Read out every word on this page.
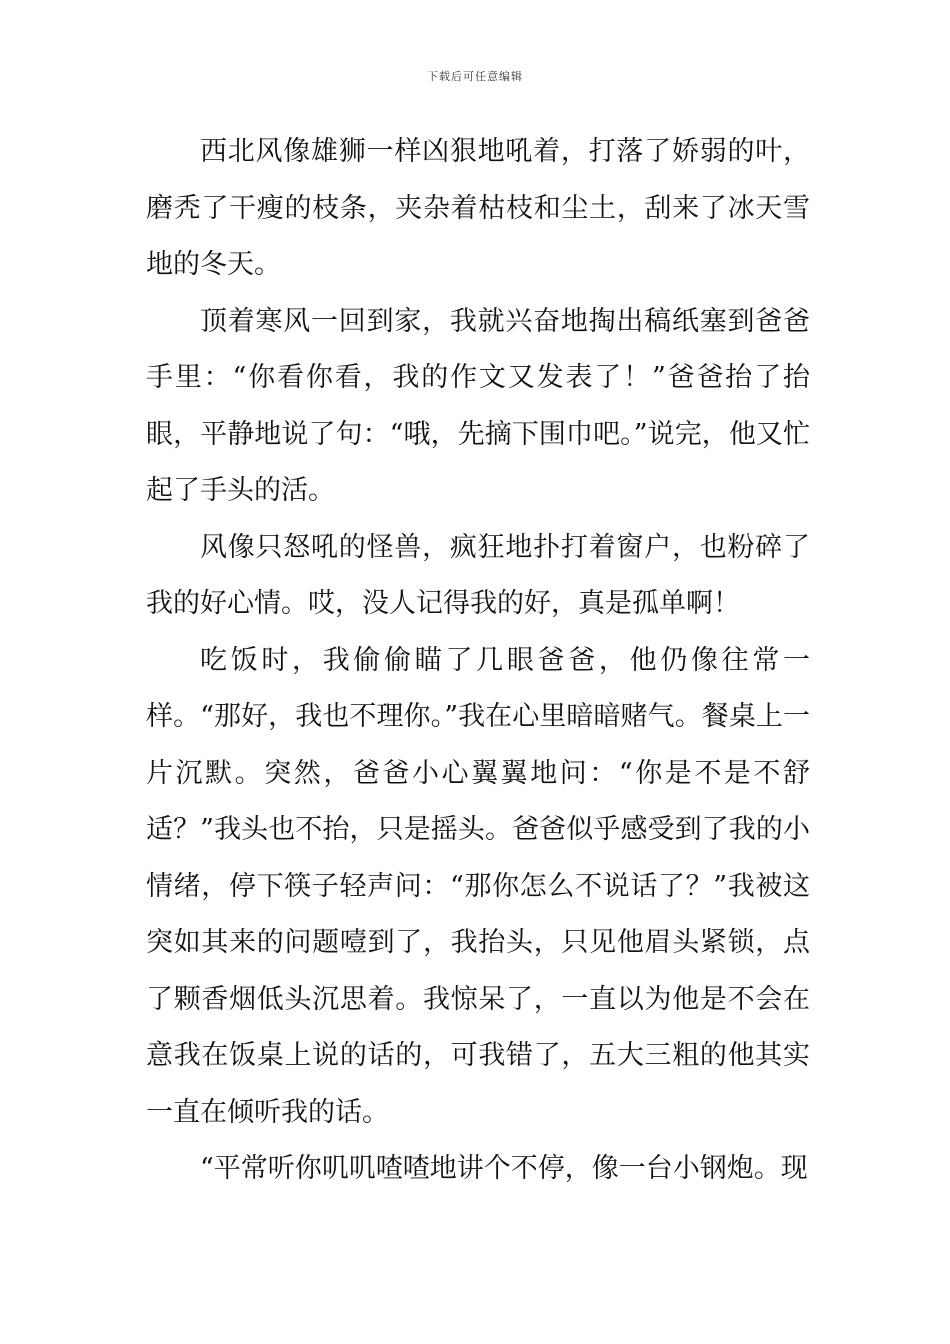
下载后可任意编辑

西北风像雄狮一样凶狠地吼着，打落了娇弱的叶，磨秃了干瘦的枝条，夹杂着枯枝和尘土，刮来了冰天雪地的冬天。

顶着寒风一回到家，我就兴奋地掏出稿纸塞到爸爸手里：“你看你看，我的作文又发表了！”爸爸抬了抬眼，平静地说了句：“哦，先摘下围巾吧。”说完，他又忙起了手头的活。

风像只怒吼的怪兽，疯狂地扑打着窗户，也粉碎了我的好心情。哎，没人记得我的好，真是孤单啊！

吃饭时，我偷偷瞄了几眼爸爸，他仍像往常一样。“那好，我也不理你。”我在心里暗暗赌气。餐桌上一片沉默。突然，爸爸小心翼翼地问：“你是不是不舒适？”我头也不抬，只是摇头。爸爸似乎感受到了我的小情绪，停下筷子轻声问：“那你怎么不说话了？”我被这突如其来的问题噎到了，我抬头，只见他眉头紧锁，点了颗香烟低头沉思着。我惊呆了，一直以为他是不会在意我在饭桌上说的话的，可我错了，五大三粗的他其实一直在倾听我的话。

“平常听你叽叽喳喳地讲个不停，像一台小钢炮。现
